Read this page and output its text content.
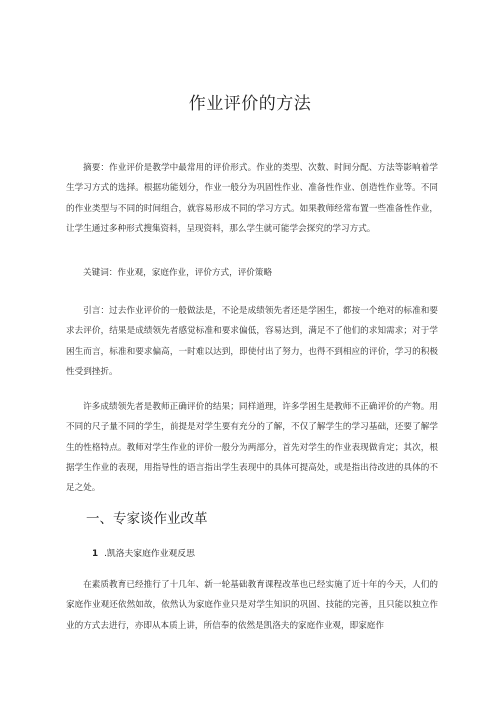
作业评价的方法
摘要：作业评价是教学中最常用的评价形式。作业的类型、次数、时间分配、方法等影响着学生学习方式的选择。根据功能划分，作业一般分为巩固性作业、准备性作业、创造性作业等。不同的作业类型与不同的时间组合，就容易形成不同的学习方式。如果教师经常布置一些准备性作业，让学生通过多种形式搜集资料，呈现资料，那么学生就可能学会探究的学习方式。
关键词：作业观，家庭作业，评价方式，评价策略
引言：过去作业评价的一般做法是，不论是成绩领先者还是学困生，都按一个绝对的标准和要求去评价，结果是成绩领先者感觉标准和要求偏低，容易达到，满足不了他们的求知需求；对于学困生而言，标准和要求偏高，一时难以达到，即使付出了努力，也得不到相应的评价，学习的积极性受到挫折。
许多成绩领先者是教师正确评价的结果；同样道理，许多学困生是教师不正确评价的产物。用不同的尺子量不同的学生，前提是对学生要有充分的了解，不仅了解学生的学习基础，还要了解学生的性格特点。教师对学生作业的评价一般分为两部分，首先对学生的作业表现做肯定；其次，根据学生作业的表现，用指导性的语言指出学生表现中的具体可提高处，或是指出待改进的具体的不足之处。
一、专家谈作业改革
1 .凯洛夫家庭作业观反思
在素质教育已经推行了十几年、新一轮基础教育课程改革也已经实施了近十年的今天，人们的家庭作业观还依然如故，依然认为家庭作业只是对学生知识的巩固、技能的完善，且只能以独立作业的方式去进行，亦即从本质上讲，所信奉的依然是凯洛夫的家庭作业观，即家庭作
